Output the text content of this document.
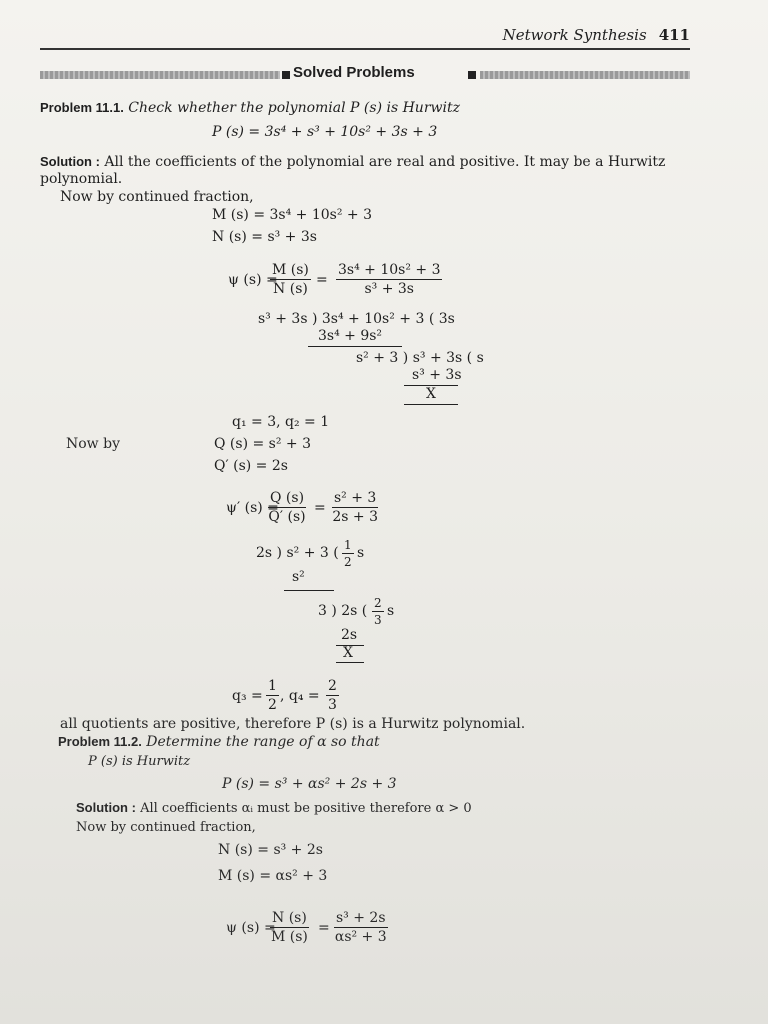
Network Synthesis 411
Solved Problems
Problem 11.1. Check whether the polynomial P (s) is Hurwitz
P (s) = 3s⁴ + s³ + 10s² + 3s + 3
Solution : All the coefficients of the polynomial are real and positive. It may be a Hurwitz
polynomial.
Now by continued fraction,
M (s) = 3s⁴ + 10s² + 3
N (s) = s³ + 3s
ψ (s) =
$\frac{M (s)}{N (s)} = \frac{\text{3s⁴ + 10s² + 3}}{\text{s³ + 3s}}$
s³ + 3s ) 3s⁴ + 10s² + 3 ( 3s
3s⁴ + 9s²
s² + 3 ) s³ + 3s ( s
s³ + 3s
X
q₁ = 3, q₂ = 1
Now by	Q (s) = s² + 3
Q′ (s) = 2s
ψ′ (s) =
$\frac{Q (s)}{Q' (s)} = \frac{\text{s² + 3}}{2s + 3}$
2s ) s² + 3 ( $\frac{1}{2}$ s
s²
3 ) 2s ( $\frac{2}{3}$ s
2s
X
$q_3 = \frac{1}{2}$ , $q_4 = \frac{2}{3}$
all quotients are positive, therefore P (s) is a Hurwitz polynomial.
Problem 11.2. Determine the range of α so that
P (s) is Hurwitz
P (s) = s³ + αs² + 2s + 3
Solution : All coefficients αᵢ must be positive therefore α > 0
Now by continued fraction,
N (s) = s³ + 2s
M (s) = αs² + 3
ψ (s) =
$\frac{N (s)}{M (s)} = \frac{\text{s³ + 2s}}{\text{αs² + 3}}$
